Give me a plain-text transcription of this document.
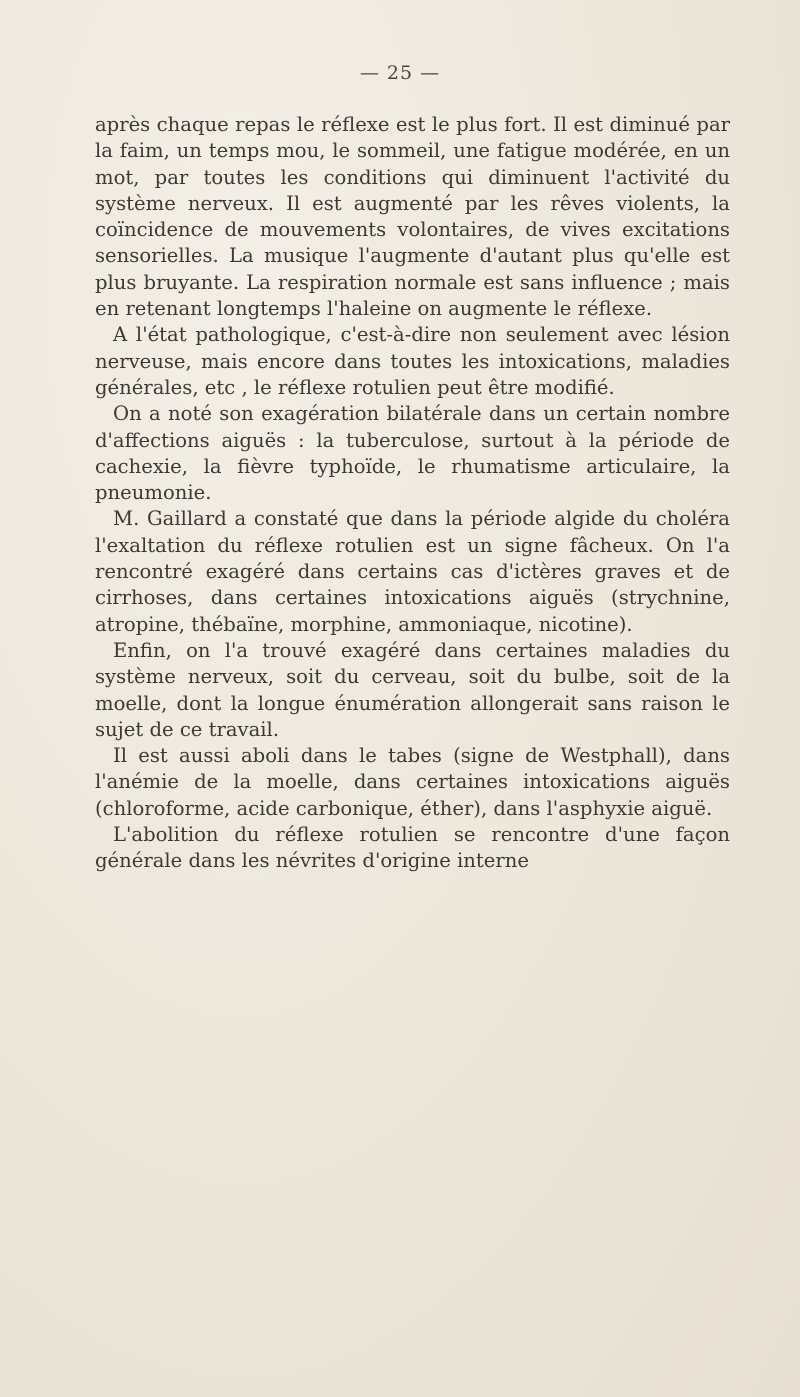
— 25 —

après chaque repas le réflexe est le plus fort. Il est diminué par la faim, un temps mou, le sommeil, une fatigue modérée, en un mot, par toutes les conditions qui diminuent l'activité du système nerveux. Il est augmenté par les rêves violents, la coïncidence de mouvements volontaires, de vives excitations sensorielles. La musique l'augmente d'autant plus qu'elle est plus bruyante. La respiration normale est sans influence ; mais en retenant longtemps l'haleine on augmente le réflexe.

A l'état pathologique, c'est-à-dire non seulement avec lésion nerveuse, mais encore dans toutes les intoxications, maladies générales, etc , le réflexe rotulien peut être modifié.

On a noté son exagération bilatérale dans un certain nombre d'affections aiguës : la tuberculose, surtout à la période de cachexie, la fièvre typhoïde, le rhumatisme articulaire, la pneumonie.

M. Gaillard a constaté que dans la période algide du choléra l'exaltation du réflexe rotulien est un signe fâcheux. On l'a rencontré exagéré dans certains cas d'ictères graves et de cirrhoses, dans certaines intoxications aiguës (strychnine, atropine, thébaïne, morphine, ammoniaque, nicotine).

Enfin, on l'a trouvé exagéré dans certaines maladies du système nerveux, soit du cerveau, soit du bulbe, soit de la moelle, dont la longue énumération allongerait sans raison le sujet de ce travail.

Il est aussi aboli dans le tabes (signe de Westphall), dans l'anémie de la moelle, dans certaines intoxications aiguës (chloroforme, acide carbonique, éther), dans l'asphyxie aiguë.

L'abolition du réflexe rotulien se rencontre d'une façon générale dans les névrites d'origine interne
